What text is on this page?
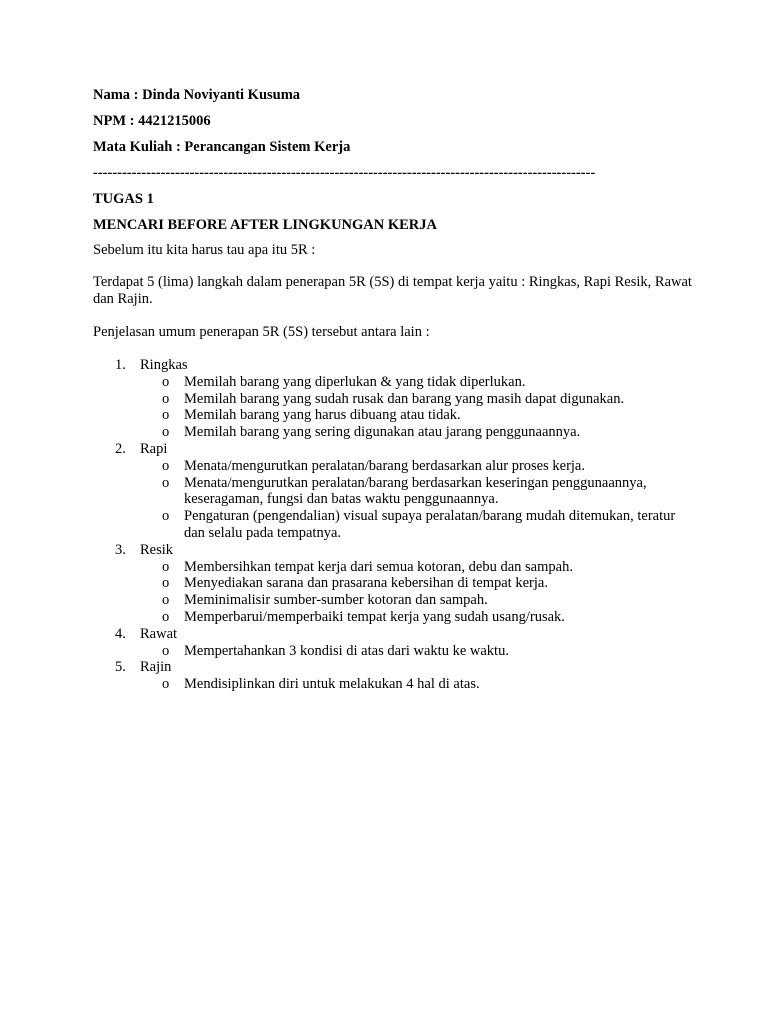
Nama : Dinda Noviyanti Kusuma
NPM : 4421215006
Mata Kuliah : Perancangan Sistem Kerja
--------------------------------------------------------------------------------------------------------
TUGAS 1
MENCARI BEFORE AFTER LINGKUNGAN KERJA

Sebelum itu kita harus tau apa itu 5R :

Terdapat 5 (lima) langkah dalam penerapan 5R (5S) di tempat kerja yaitu : Ringkas, Rapi Resik, Rawat dan Rajin.

Penjelasan umum penerapan 5R (5S) tersebut antara lain :

1. Ringkas
o Memilah barang yang diperlukan & yang tidak diperlukan.
o Memilah barang yang sudah rusak dan barang yang masih dapat digunakan.
o Memilah barang yang harus dibuang atau tidak.
o Memilah barang yang sering digunakan atau jarang penggunaannya.
2. Rapi
o Menata/mengurutkan peralatan/barang berdasarkan alur proses kerja.
o Menata/mengurutkan peralatan/barang berdasarkan keseringan penggunaannya, keseragaman, fungsi dan batas waktu penggunaannya.
o Pengaturan (pengendalian) visual supaya peralatan/barang mudah ditemukan, teratur dan selalu pada tempatnya.
3. Resik
o Membersihkan tempat kerja dari semua kotoran, debu dan sampah.
o Menyediakan sarana dan prasarana kebersihan di tempat kerja.
o Meminimalisir sumber-sumber kotoran dan sampah.
o Memperbarui/memperbaiki tempat kerja yang sudah usang/rusak.
4. Rawat
o Mempertahankan 3 kondisi di atas dari waktu ke waktu.
5. Rajin
o Mendisiplinkan diri untuk melakukan 4 hal di atas.
